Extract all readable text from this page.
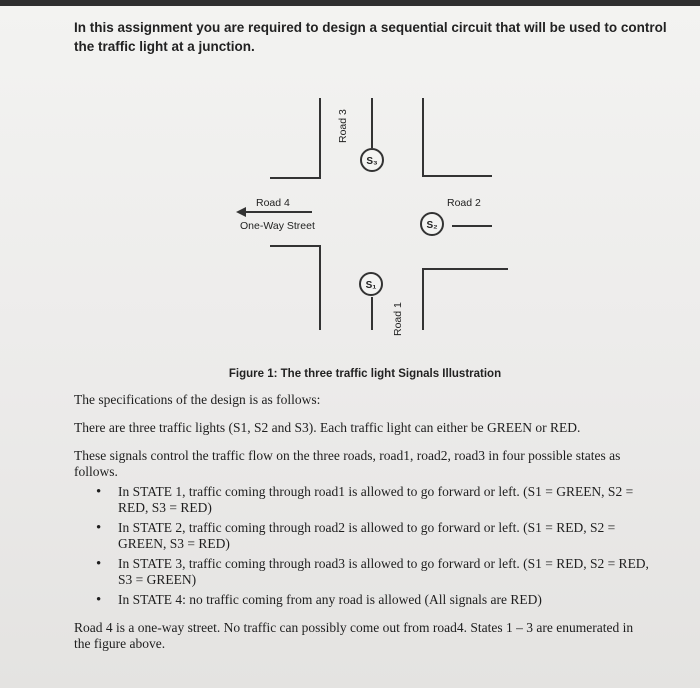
In this assignment you are required to design a sequential circuit that will be used to control the traffic light at a junction.

S₃
S₂
S₁
Road 3
Road 1
Road 2
Road 4
One-Way Street
Figure 1: The three traffic light Signals Illustration

The specifications of the design is as follows:

There are three traffic lights (S1, S2 and S3). Each traffic light can either be GREEN or RED.

These signals control the traffic flow on the three roads, road1, road2, road3 in four possible states as follows.

• In STATE 1, traffic coming through road1 is allowed to go forward or left. (S1 = GREEN, S2 = RED, S3 = RED)
• In STATE 2, traffic coming through road2 is allowed to go forward or left. (S1 = RED, S2 = GREEN, S3 = RED)
• In STATE 3, traffic coming through road3 is allowed to go forward or left. (S1 = RED, S2 = RED, S3 = GREEN)
• In STATE 4: no traffic coming from any road is allowed (All signals are RED)

Road 4 is a one-way street. No traffic can possibly come out from road4. States 1 – 3 are enumerated in the figure above.
